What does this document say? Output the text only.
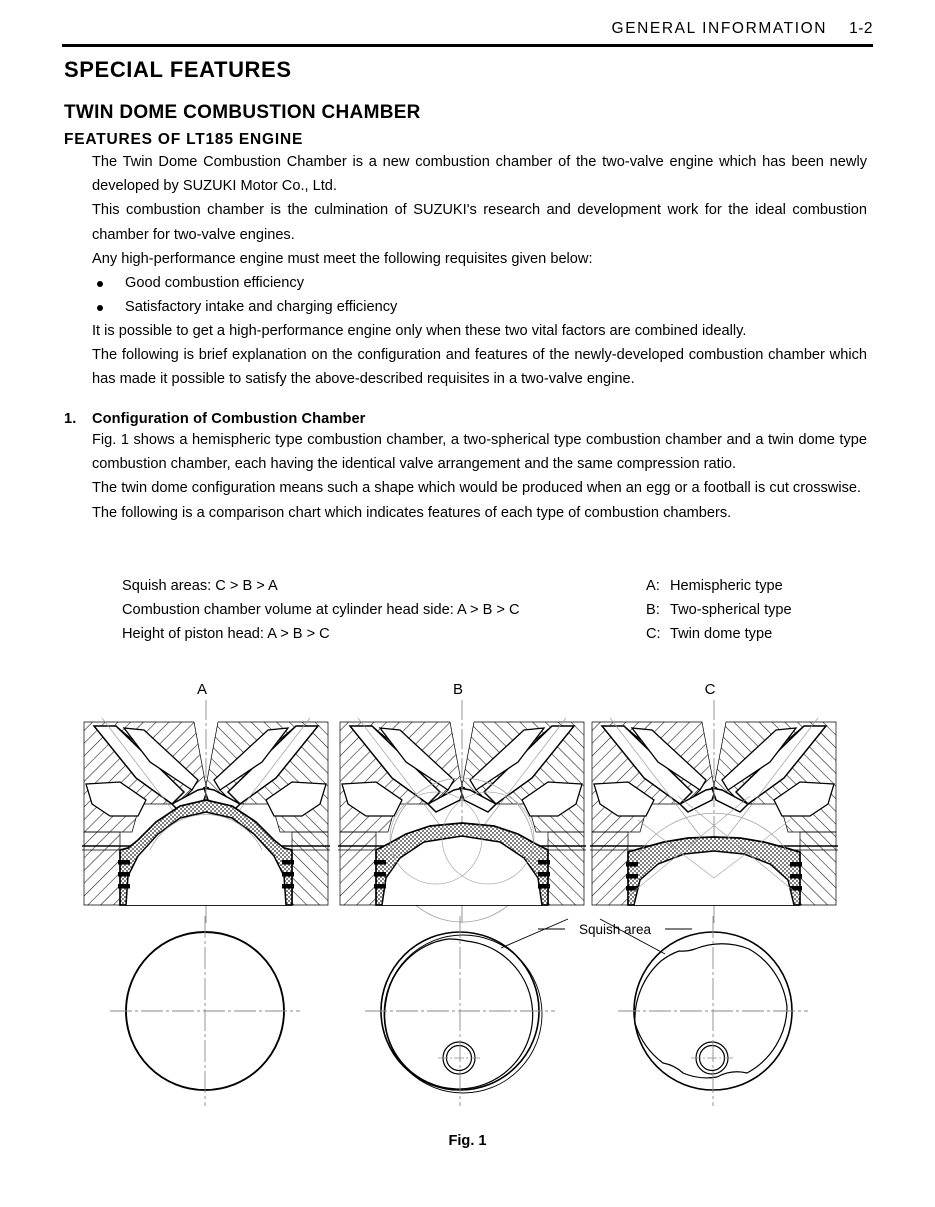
GENERAL INFORMATION 1-2
SPECIAL FEATURES
TWIN DOME COMBUSTION CHAMBER
FEATURES OF LT185 ENGINE

The Twin Dome Combustion Chamber is a new combustion chamber of the two-valve engine which has been newly developed by SUZUKI Motor Co., Ltd.

This combustion chamber is the culmination of SUZUKI's research and development work for the ideal combustion chamber for two-valve engines.

Any high-performance engine must meet the following requisites given below:

Good combustion efficiency
Satisfactory intake and charging efficiency

It is possible to get a high-performance engine only when these two vital factors are combined ideally.

The following is brief explanation on the configuration and features of the newly-developed combustion chamber which has made it possible to satisfy the above-described requisites in a two-valve engine.

1. Configuration of Combustion Chamber

Fig. 1 shows a hemispheric type combustion chamber, a two-spherical type combustion chamber and a twin dome type combustion chamber, each having the identical valve arrangement and the same compression ratio.

The twin dome configuration means such a shape which would be produced when an egg or a football is cut crosswise.

The following is a comparison chart which indicates features of each type of combustion chambers.

Squish areas: C > B > A	A: Hemispheric type
Combustion chamber volume at cylinder head side: A > B > C	B: Two-spherical type
Height of piston head: A > B > C	C: Twin dome type
A	B	C
Squish area
Fig. 1
